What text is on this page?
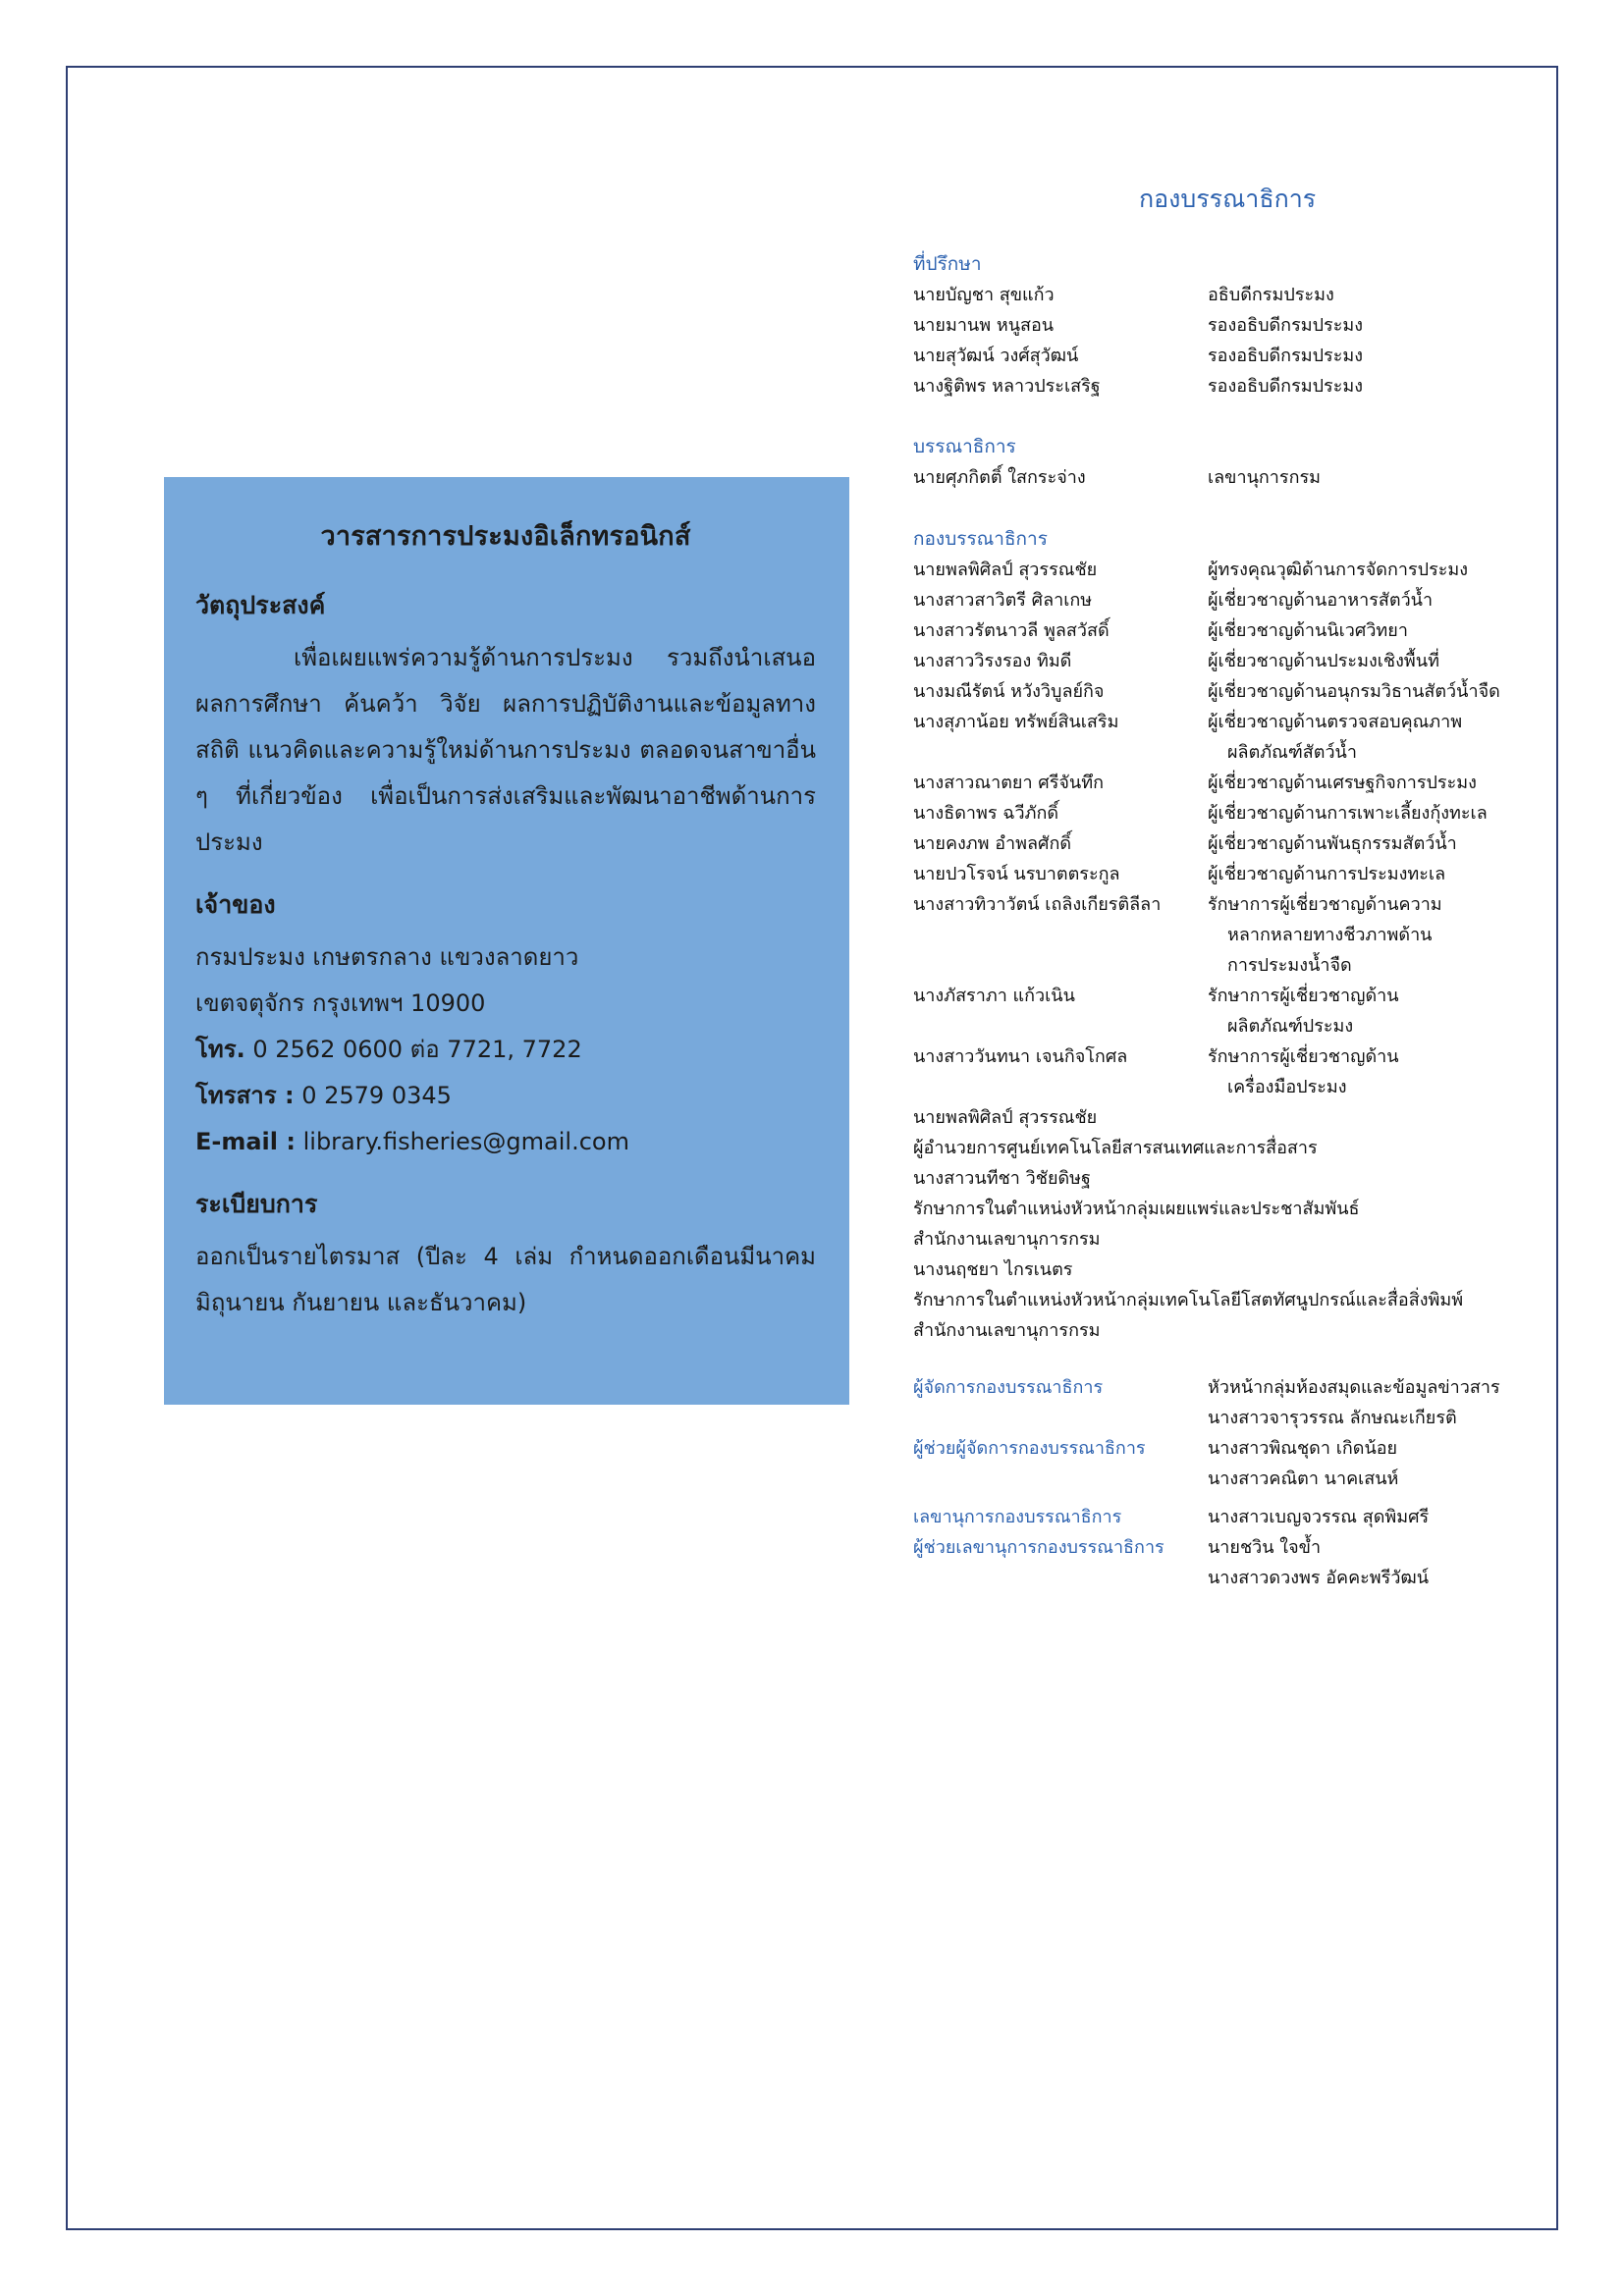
วารสารการประมงอิเล็กทรอนิกส์
วัตถุประสงค์

เพื่อเผยแพร่ความรู้ด้านการประมง รวมถึงนำเสนอผลการศึกษา ค้นคว้า วิจัย ผลการปฏิบัติงานและข้อมูลทางสถิติ แนวคิดและความรู้ใหม่ด้านการประมง ตลอดจนสาขาอื่น ๆ ที่เกี่ยวข้อง เพื่อเป็นการส่งเสริมและพัฒนาอาชีพด้านการประมง

เจ้าของ

กรมประมง เกษตรกลาง แขวงลาดยาว

เขตจตุจักร กรุงเทพฯ 10900

โทร. 0 2562 0600 ต่อ 7721, 7722

โทรสาร : 0 2579 0345

E-mail : library.fisheries@gmail.com

ระเบียบการ

ออกเป็นรายไตรมาส (ปีละ 4 เล่ม กำหนดออกเดือนมีนาคม มิถุนายน กันยายน และธันวาคม)

กองบรรณาธิการ
ที่ปรึกษา
นายบัญชา สุขแก้ว	อธิบดีกรมประมง
นายมานพ หนูสอน	รองอธิบดีกรมประมง
นายสุวัฒน์ วงศ์สุวัฒน์	รองอธิบดีกรมประมง
นางฐิติพร หลาวประเสริฐ	รองอธิบดีกรมประมง
บรรณาธิการ
นายศุภกิตติ์ ใสกระจ่าง	เลขานุการกรม
กองบรรณาธิการ
นายพลพิศิลป์ สุวรรณชัย	ผู้ทรงคุณวุฒิด้านการจัดการประมง
นางสาวสาวิตรี ศิลาเกษ	ผู้เชี่ยวชาญด้านอาหารสัตว์น้ำ
นางสาวรัตนาวลี พูลสวัสดิ์	ผู้เชี่ยวชาญด้านนิเวศวิทยา
นางสาววิรงรอง ทิมดี	ผู้เชี่ยวชาญด้านประมงเชิงพื้นที่
นางมณีรัตน์ หวังวิบูลย์กิจ	ผู้เชี่ยวชาญด้านอนุกรมวิธานสัตว์น้ำจืด
นางสุภาน้อย ทรัพย์สินเสริม	ผู้เชี่ยวชาญด้านตรวจสอบคุณภาพ
ผลิตภัณฑ์สัตว์น้ำ
นางสาวณาตยา ศรีจันทึก	ผู้เชี่ยวชาญด้านเศรษฐกิจการประมง
นางธิดาพร ฉวีภักดิ์	ผู้เชี่ยวชาญด้านการเพาะเลี้ยงกุ้งทะเล
นายคงภพ อำพลศักดิ์	ผู้เชี่ยวชาญด้านพันธุกรรมสัตว์น้ำ
นายปวโรจน์ นรบาตตระกูล	ผู้เชี่ยวชาญด้านการประมงทะเล
นางสาวทิวาวัตน์ เถลิงเกียรติลีลา	รักษาการผู้เชี่ยวชาญด้านความ
หลากหลายทางชีวภาพด้าน
การประมงน้ำจืด
นางภัสราภา แก้วเนิน	รักษาการผู้เชี่ยวชาญด้าน
ผลิตภัณฑ์ประมง
นางสาววันทนา เจนกิจโกศล	รักษาการผู้เชี่ยวชาญด้าน
เครื่องมือประมง
นายพลพิศิลป์ สุวรรณชัย
ผู้อำนวยการศูนย์เทคโนโลยีสารสนเทศและการสื่อสาร
นางสาวนทีชา วิชัยดิษฐ
รักษาการในตำแหน่งหัวหน้ากลุ่มเผยแพร่และประชาสัมพันธ์
สำนักงานเลขานุการกรม
นางนฤชยา ไกรเนตร
รักษาการในตำแหน่งหัวหน้ากลุ่มเทคโนโลยีโสตทัศนูปกรณ์และสื่อสิ่งพิมพ์
สำนักงานเลขานุการกรม
ผู้จัดการกองบรรณาธิการ	หัวหน้ากลุ่มห้องสมุดและข้อมูลข่าวสาร
นางสาวจารุวรรณ ลักษณะเกียรติ
ผู้ช่วยผู้จัดการกองบรรณาธิการ	นางสาวพิณชุดา เกิดน้อย
นางสาวคณิตา นาคเสนห์
เลขานุการกองบรรณาธิการ	นางสาวเบญจวรรณ สุดพิมศรี
ผู้ช่วยเลขานุการกองบรรณาธิการ	นายชวิน ใจข้ำ
นางสาวดวงพร อัคคะพรีวัฒน์
